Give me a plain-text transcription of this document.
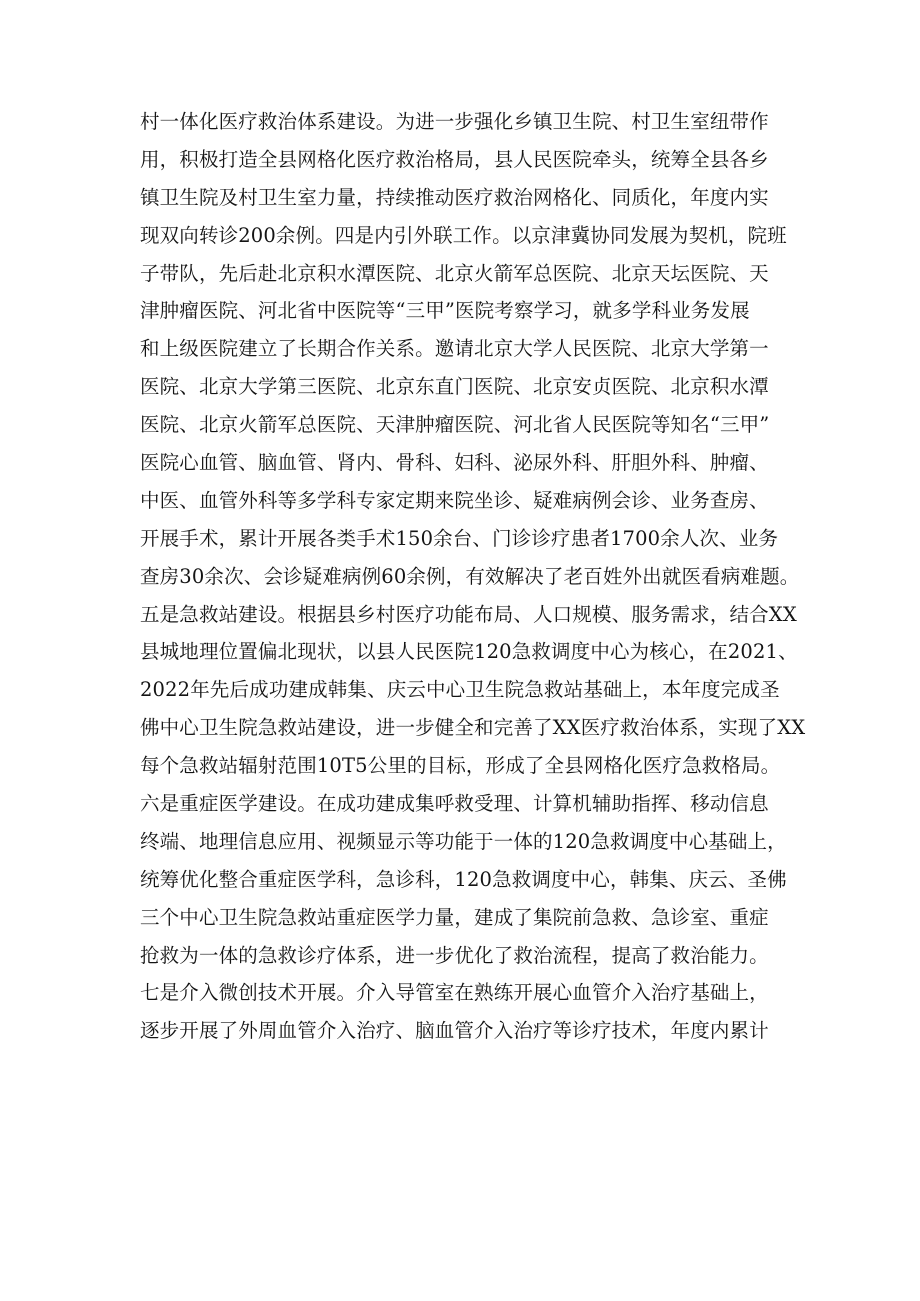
村一体化医疗救治体系建设。为进一步强化乡镇卫生院、村卫生室纽带作
用，积极打造全县网格化医疗救治格局，县人民医院牵头，统筹全县各乡
镇卫生院及村卫生室力量，持续推动医疗救治网格化、同质化，年度内实
现双向转诊200余例。四是内引外联工作。以京津冀协同发展为契机，院班
子带队，先后赴北京积水潭医院、北京火箭军总医院、北京天坛医院、天
津肿瘤医院、河北省中医院等“三甲”医院考察学习，就多学科业务发展
和上级医院建立了长期合作关系。邀请北京大学人民医院、北京大学第一
医院、北京大学第三医院、北京东直门医院、北京安贞医院、北京积水潭
医院、北京火箭军总医院、天津肿瘤医院、河北省人民医院等知名“三甲”
医院心血管、脑血管、肾内、骨科、妇科、泌尿外科、肝胆外科、肿瘤、
中医、血管外科等多学科专家定期来院坐诊、疑难病例会诊、业务查房、
开展手术，累计开展各类手术150余台、门诊诊疗患者1700余人次、业务
查房30余次、会诊疑难病例60余例，有效解决了老百姓外出就医看病难题。
五是急救站建设。根据县乡村医疗功能布局、人口规模、服务需求，结合XX
县城地理位置偏北现状，以县人民医院120急救调度中心为核心，在2021、
2022年先后成功建成韩集、庆云中心卫生院急救站基础上，本年度完成圣
佛中心卫生院急救站建设，进一步健全和完善了XX医疗救治体系，实现了XX
每个急救站辐射范围10T5公里的目标，形成了全县网格化医疗急救格局。
六是重症医学建设。在成功建成集呼救受理、计算机辅助指挥、移动信息
终端、地理信息应用、视频显示等功能于一体的120急救调度中心基础上，
统筹优化整合重症医学科，急诊科，120急救调度中心，韩集、庆云、圣佛
三个中心卫生院急救站重症医学力量，建成了集院前急救、急诊室、重症
抢救为一体的急救诊疗体系，进一步优化了救治流程，提高了救治能力。
七是介入微创技术开展。介入导管室在熟练开展心血管介入治疗基础上，
逐步开展了外周血管介入治疗、脑血管介入治疗等诊疗技术，年度内累计
